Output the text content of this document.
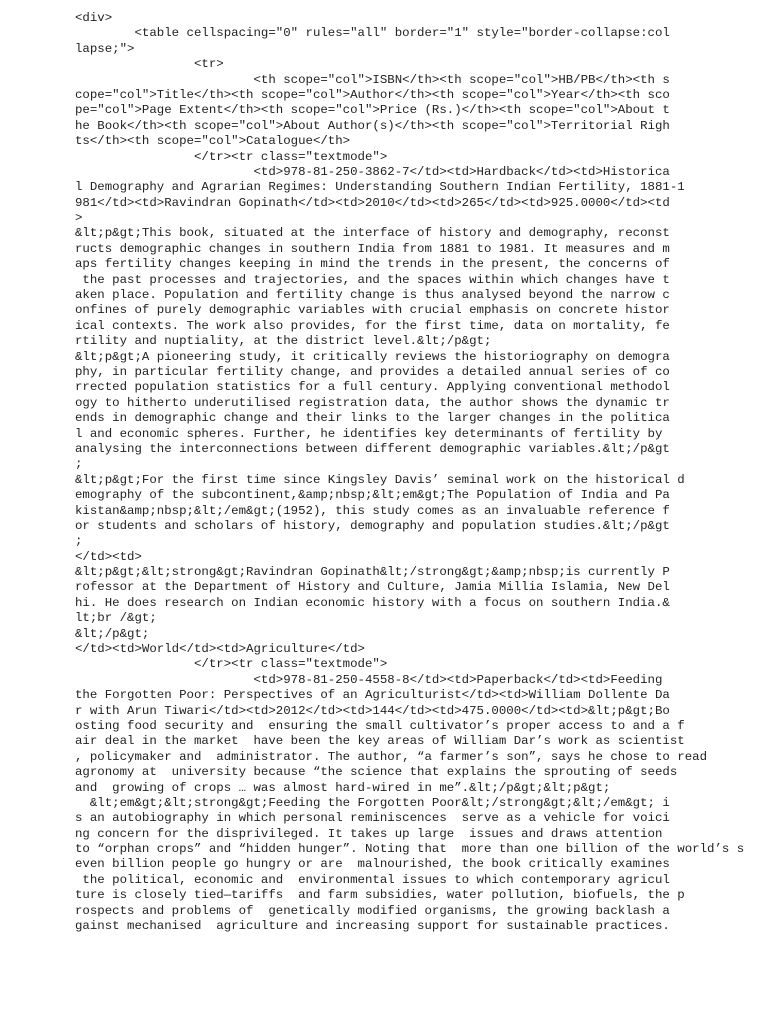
<div>
<table cellspacing="0" rules="all" border="1" style="border-collapse:col
lapse;">
<tr>
<th scope="col">ISBN</th><th scope="col">HB/PB</th><th s
cope="col">Title</th><th scope="col">Author</th><th scope="col">Year</th><th sco
pe="col">Page Extent</th><th scope="col">Price (Rs.)</th><th scope="col">About t
he Book</th><th scope="col">About Author(s)</th><th scope="col">Territorial Righ
ts</th><th scope="col">Catalogue</th>
</tr><tr class="textmode">
<td>978-81-250-3862-7</td><td>Hardback</td><td>Historica
l Demography and Agrarian Regimes: Understanding Southern Indian Fertility, 1881-1
981</td><td>Ravindran Gopinath</td><td>2010</td><td>265</td><td>925.0000</td><td
>
&lt;p&gt;This book, situated at the interface of history and demography, reconst
ructs demographic changes in southern India from 1881 to 1981. It measures and m
aps fertility changes keeping in mind the trends in the present, the concerns of
the past processes and trajectories, and the spaces within which changes have t
aken place. Population and fertility change is thus analysed beyond the narrow c
onfines of purely demographic variables with crucial emphasis on concrete histor
ical contexts. The work also provides, for the first time, data on mortality, fe
rtility and nuptiality, at the district level.&lt;/p&gt;
&lt;p&gt;A pioneering study, it critically reviews the historiography on demogra
phy, in particular fertility change, and provides a detailed annual series of co
rrected population statistics for a full century. Applying conventional methodol
ogy to hitherto underutilised registration data, the author shows the dynamic tr
ends in demographic change and their links to the larger changes in the politica
l and economic spheres. Further, he identifies key determinants of fertility by
analysing the interconnections between different demographic variables.&lt;/p&gt
;
&lt;p&gt;For the first time since Kingsley Davis’ seminal work on the historical d
emography of the subcontinent,&amp;nbsp;&lt;em&gt;The Population of India and Pa
kistan&amp;nbsp;&lt;/em&gt;(1952), this study comes as an invaluable reference f
or students and scholars of history, demography and population studies.&lt;/p&gt
;
</td><td>
&lt;p&gt;&lt;strong&gt;Ravindran Gopinath&lt;/strong&gt;&amp;nbsp;is currently P
rofessor at the Department of History and Culture, Jamia Millia Islamia, New Del
hi. He does research on Indian economic history with a focus on southern India.&
lt;br /&gt;
&lt;/p&gt;
</td><td>World</td><td>Agriculture</td>
</tr><tr class="textmode">
<td>978-81-250-4558-8</td><td>Paperback</td><td>Feeding
the Forgotten Poor: Perspectives of an Agriculturist</td><td>William Dollente Da
r with Arun Tiwari</td><td>2012</td><td>144</td><td>475.0000</td><td>&lt;p&gt;Bo
osting food security and  ensuring the small cultivator’s proper access to and a f
air deal in the market  have been the key areas of William Dar’s work as scientist
, policymaker and  administrator. The author, “a farmer’s son”, says he chose to read
agronomy at  university because “the science that explains the sprouting of seeds
and  growing of crops … was almost hard-wired in me”.&lt;/p&gt;&lt;p&gt;
&lt;em&gt;&lt;strong&gt;Feeding the Forgotten Poor&lt;/strong&gt;&lt;/em&gt; i
s an autobiography in which personal reminiscences  serve as a vehicle for voici
ng concern for the disprivileged. It takes up large  issues and draws attention
to “orphan crops” and “hidden hunger”. Noting that  more than one billion of the world’s s
even billion people go hungry or are  malnourished, the book critically examines
the political, economic and  environmental issues to which contemporary agricul
ture is closely tied—tariffs  and farm subsidies, water pollution, biofuels, the p
rospects and problems of  genetically modified organisms, the growing backlash a
gainst mechanised  agriculture and increasing support for sustainable practices.
